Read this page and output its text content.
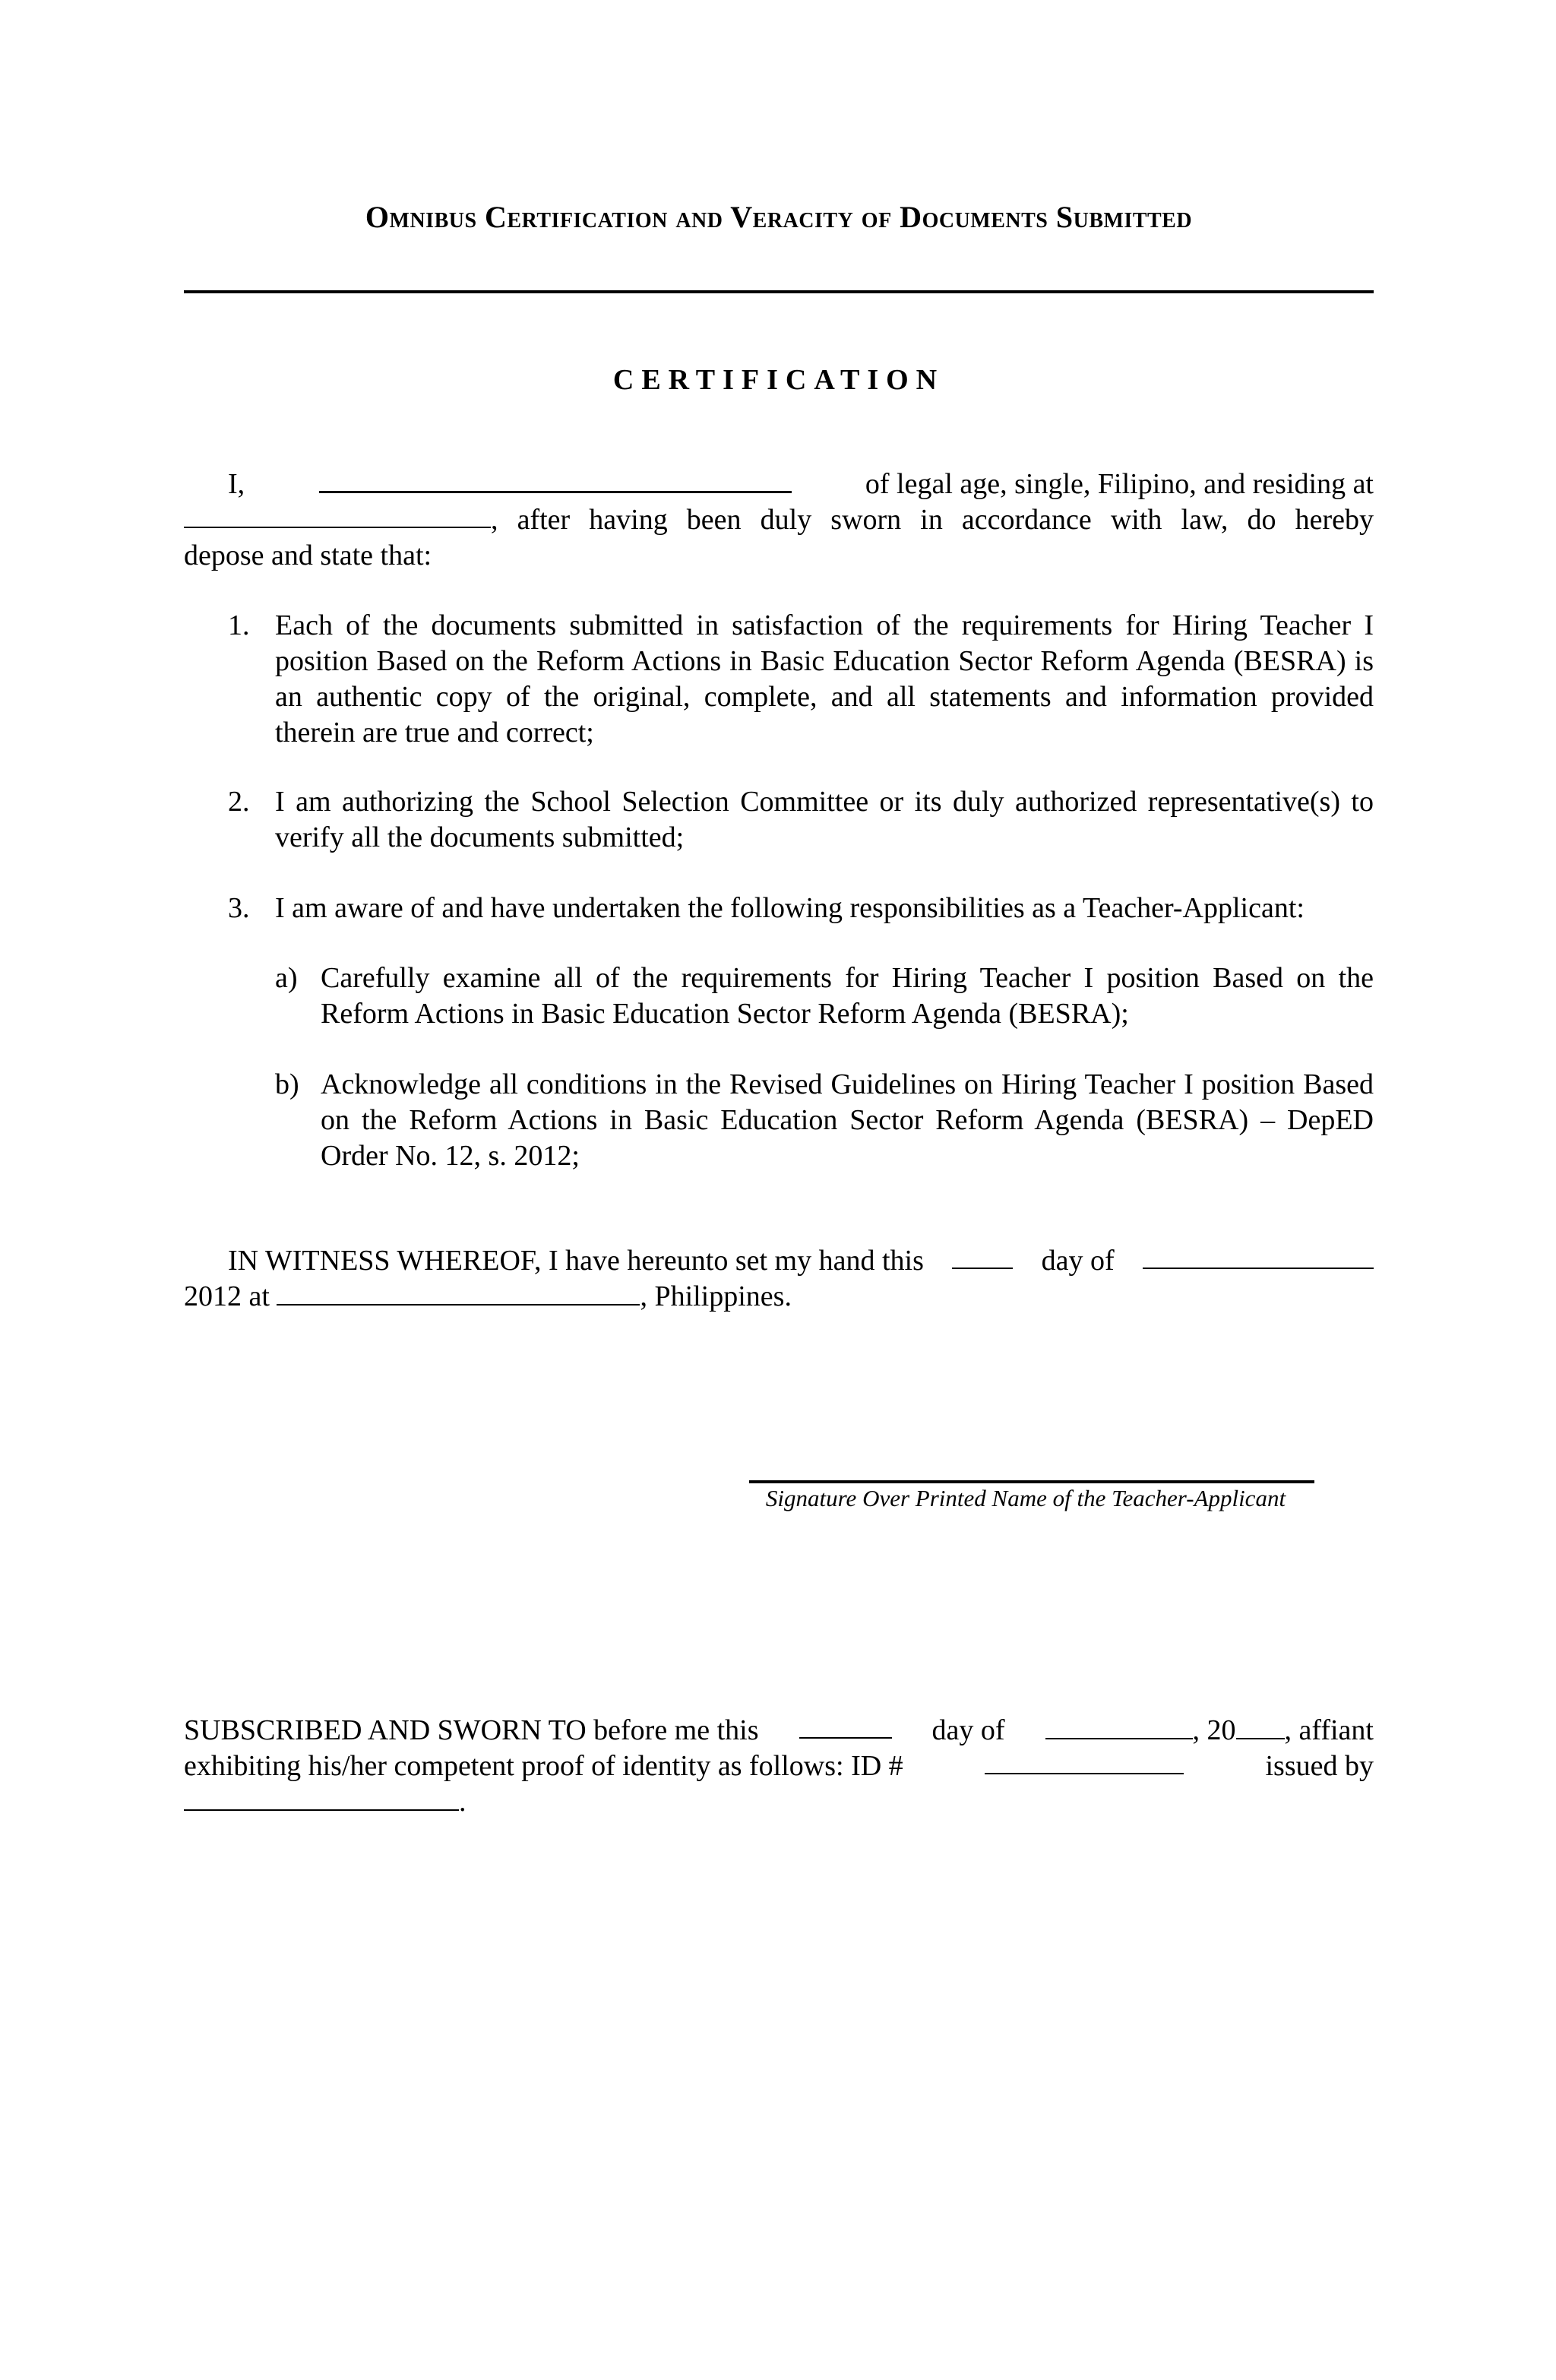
Omnibus Certification and Veracity of Documents Submitted
CERTIFICATION
I,	of legal age, single, Filipino, and residing at
, after having been duly sworn in accordance with law, do hereby
depose and state that:
1. Each of the documents submitted in satisfaction of the requirements for Hiring Teacher I position Based on the Reform Actions in Basic Education Sector Reform Agenda (BESRA) is an authentic copy of the original, complete, and all statements and information provided therein are true and correct;
2. I am authorizing the School Selection Committee or its duly authorized representative(s) to verify all the documents submitted;
3. I am aware of and have undertaken the following responsibilities as a Teacher-Applicant:
a) Carefully examine all of the requirements for Hiring Teacher I position Based on the Reform Actions in Basic Education Sector Reform Agenda (BESRA);
b) Acknowledge all conditions in the Revised Guidelines on Hiring Teacher I position Based on the Reform Actions in Basic Education Sector Reform Agenda (BESRA) – DepED Order No. 12, s. 2012;
IN WITNESS WHEREOF, I have hereunto set my hand this	day of
2012 at	, Philippines.
Signature Over Printed Name of the Teacher-Applicant
SUBSCRIBED AND SWORN TO before me this	day of	, 20 , affiant
exhibiting his/her competent proof of identity as follows: ID #	issued by
.
